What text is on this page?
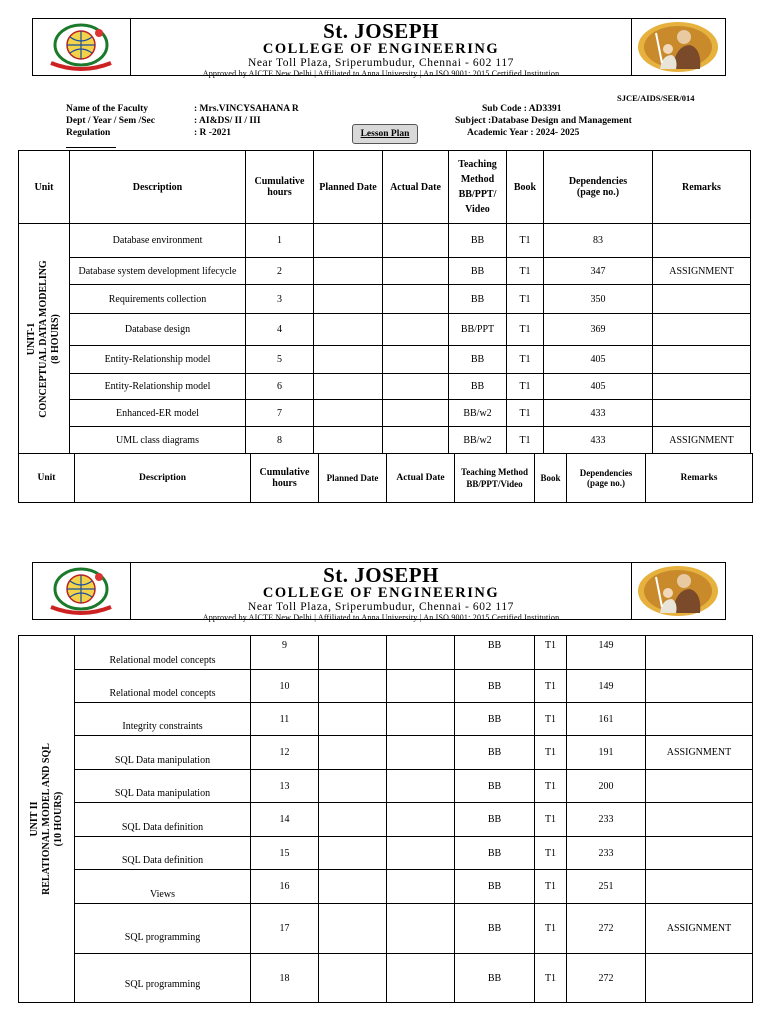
St. JOSEPH
COLLEGE OF ENGINEERING
Near Toll Plaza, Sriperumbudur, Chennai - 602 117
Approved by AICTE New Delhi | Affiliated to Anna University | An ISO 9001: 2015 Certified Institution
SJCE/AIDS/SER/014
Name of the Faculty	: Mrs.VINCYSAHANA R
Dept / Year / Sem /Sec	: AI&DS/ II / III
Regulation	: R -2021
Sub Code : AD3391
Subject :Database Design and Management
Academic Year : 2024- 2025
Lesson Plan
Unit	Description	Cumulative hours	Planned Date	Actual Date	Teaching Method BB/PPT/ Video	Book	Dependencies (page no.)	Remarks

UNIT-1 CONCEPTUAL DATA MODELING (8 HOURS)	Database environment	1			BB	T1	83	
	Database system development lifecycle	2			BB	T1	347	ASSIGNMENT
	Requirements collection	3			BB	T1	350	
	Database design	4			BB/PPT	T1	369	
	Entity-Relationship model	5			BB	T1	405	
	Entity-Relationship model	6			BB	T1	405	
	Enhanced-ER model	7			BB/w2	T1	433	
	UML class diagrams	8			BB/w2	T1	433	ASSIGNMENT
Unit	Description	Cumulative hours	Planned Date	Actual Date	Teaching Method BB/PPT/Video	Book	Dependencies (page no.)	Remarks
St. JOSEPH
COLLEGE OF ENGINEERING
Near Toll Plaza, Sriperumbudur, Chennai - 602 117
Approved by AICTE New Delhi | Affiliated to Anna University | An ISO 9001: 2015 Certified Institution
UNIT II RELATIONAL MODEL AND SQL (10 HOURS)	Relational model concepts	9			BB	T1	149	
	Relational model concepts	10			BB	T1	149	
	Integrity constraints	11			BB	T1	161	
	SQL Data manipulation	12			BB	T1	191	ASSIGNMENT
	SQL Data manipulation	13			BB	T1	200	
	SQL Data definition	14			BB	T1	233	
	SQL Data definition	15			BB	T1	233	
	Views	16			BB	T1	251	
	SQL programming	17			BB	T1	272	ASSIGNMENT
	SQL programming	18			BB	T1	272	
